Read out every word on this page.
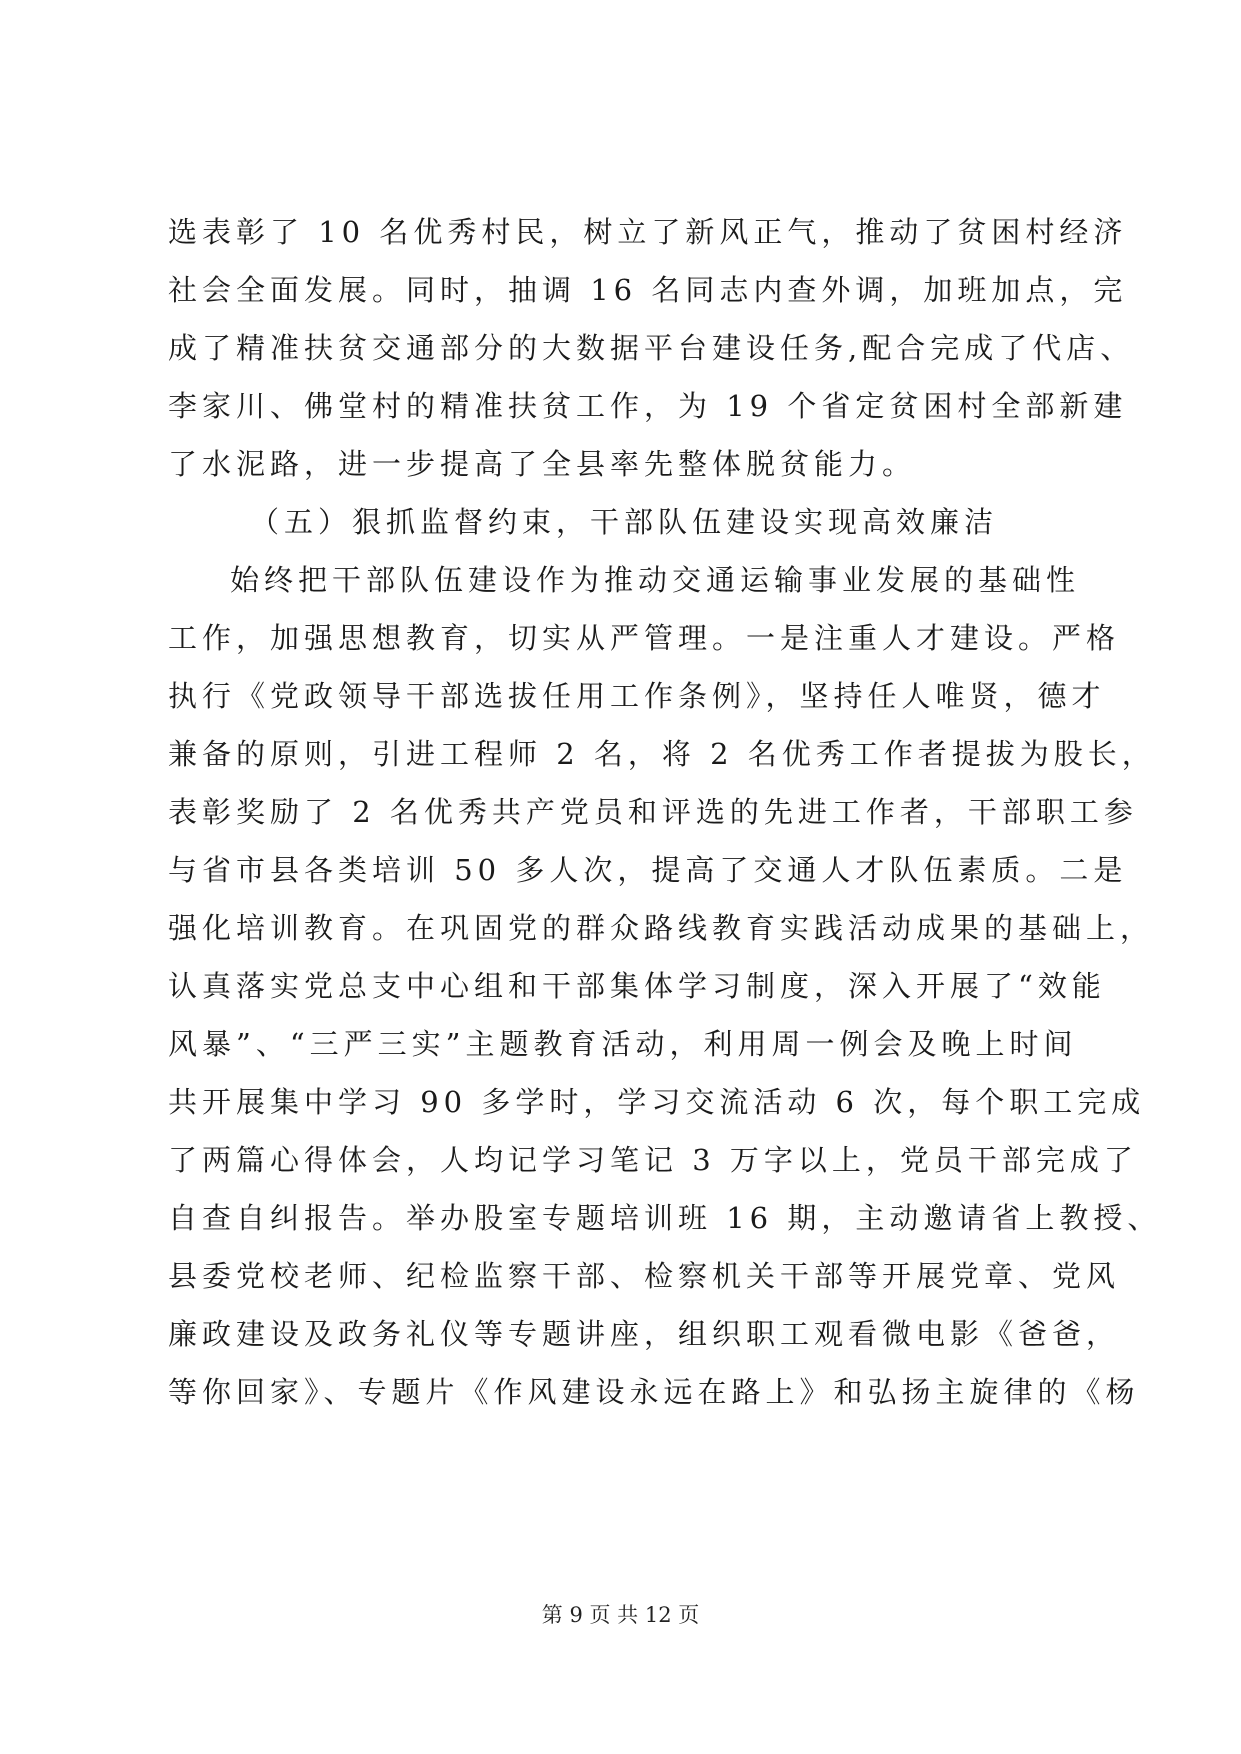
选表彰了 10 名优秀村民，树立了新风正气，推动了贫困村经济
社会全面发展。同时，抽调 16 名同志内查外调，加班加点，完
成了精准扶贫交通部分的大数据平台建设任务,配合完成了代店、
李家川、佛堂村的精准扶贫工作，为 19 个省定贫困村全部新建
了水泥路，进一步提高了全县率先整体脱贫能力。
（五）狠抓监督约束，干部队伍建设实现高效廉洁
始终把干部队伍建设作为推动交通运输事业发展的基础性
工作，加强思想教育，切实从严管理。一是注重人才建设。严格
执行《党政领导干部选拔任用工作条例》，坚持任人唯贤，德才
兼备的原则，引进工程师 2 名，将 2 名优秀工作者提拔为股长，
表彰奖励了 2 名优秀共产党员和评选的先进工作者，干部职工参
与省市县各类培训 50 多人次，提高了交通人才队伍素质。二是
强化培训教育。在巩固党的群众路线教育实践活动成果的基础上，
认真落实党总支中心组和干部集体学习制度，深入开展了“效能
风暴”、“三严三实”主题教育活动，利用周一例会及晚上时间
共开展集中学习 90 多学时，学习交流活动 6 次，每个职工完成
了两篇心得体会，人均记学习笔记 3 万字以上，党员干部完成了
自查自纠报告。举办股室专题培训班 16 期，主动邀请省上教授、
县委党校老师、纪检监察干部、检察机关干部等开展党章、党风
廉政建设及政务礼仪等专题讲座，组织职工观看微电影《爸爸，
等你回家》、专题片《作风建设永远在路上》和弘扬主旋律的《杨
第 9 页 共 12 页
